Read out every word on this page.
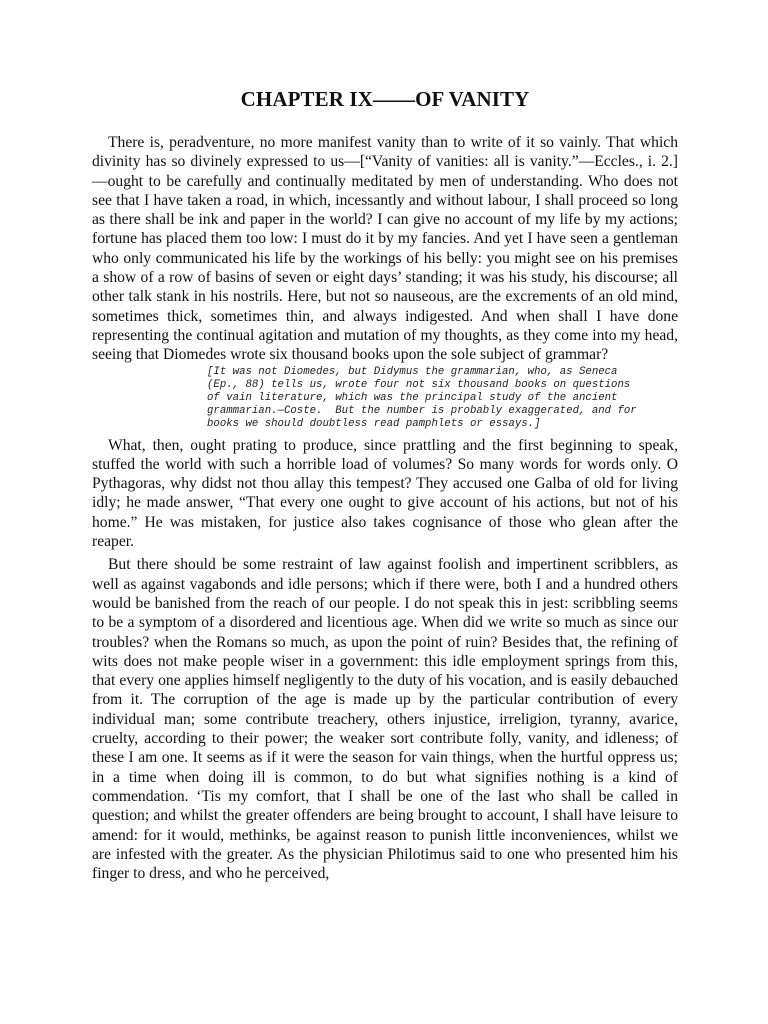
CHAPTER IX——OF VANITY

There is, peradventure, no more manifest vanity than to write of it so vainly. That which divinity has so divinely expressed to us—[“Vanity of vanities: all is vanity.”—Eccles., i. 2.]—ought to be carefully and continually meditated by men of understanding. Who does not see that I have taken a road, in which, incessantly and without labour, I shall proceed so long as there shall be ink and paper in the world? I can give no account of my life by my actions; fortune has placed them too low: I must do it by my fancies. And yet I have seen a gentleman who only communicated his life by the workings of his belly: you might see on his premises a show of a row of basins of seven or eight days’ standing; it was his study, his discourse; all other talk stank in his nostrils. Here, but not so nauseous, are the excrements of an old mind, sometimes thick, sometimes thin, and always indigested. And when shall I have done representing the continual agitation and mutation of my thoughts, as they come into my head, seeing that Diomedes wrote six thousand books upon the sole subject of grammar?

[It was not Diomedes, but Didymus the grammarian, who, as Seneca
(Ep., 88) tells us, wrote four not six thousand books on questions
of vain literature, which was the principal study of the ancient
grammarian.—Coste.  But the number is probably exaggerated, and for
books we should doubtless read pamphlets or essays.]

What, then, ought prating to produce, since prattling and the first beginning to speak, stuffed the world with such a horrible load of volumes? So many words for words only. O Pythagoras, why didst not thou allay this tempest? They accused one Galba of old for living idly; he made answer, “That every one ought to give account of his actions, but not of his home.” He was mistaken, for justice also takes cognisance of those who glean after the reaper.

But there should be some restraint of law against foolish and impertinent scribblers, as well as against vagabonds and idle persons; which if there were, both I and a hundred others would be banished from the reach of our people. I do not speak this in jest: scribbling seems to be a symptom of a disordered and licentious age. When did we write so much as since our troubles? when the Romans so much, as upon the point of ruin? Besides that, the refining of wits does not make people wiser in a government: this idle employment springs from this, that every one applies himself negligently to the duty of his vocation, and is easily debauched from it. The corruption of the age is made up by the particular contribution of every individual man; some contribute treachery, others injustice, irreligion, tyranny, avarice, cruelty, according to their power; the weaker sort contribute folly, vanity, and idleness; of these I am one. It seems as if it were the season for vain things, when the hurtful oppress us; in a time when doing ill is common, to do but what signifies nothing is a kind of commendation. ‘Tis my comfort, that I shall be one of the last who shall be called in question; and whilst the greater offenders are being brought to account, I shall have leisure to amend: for it would, methinks, be against reason to punish little inconveniences, whilst we are infested with the greater. As the physician Philotimus said to one who presented him his finger to dress, and who he perceived,
